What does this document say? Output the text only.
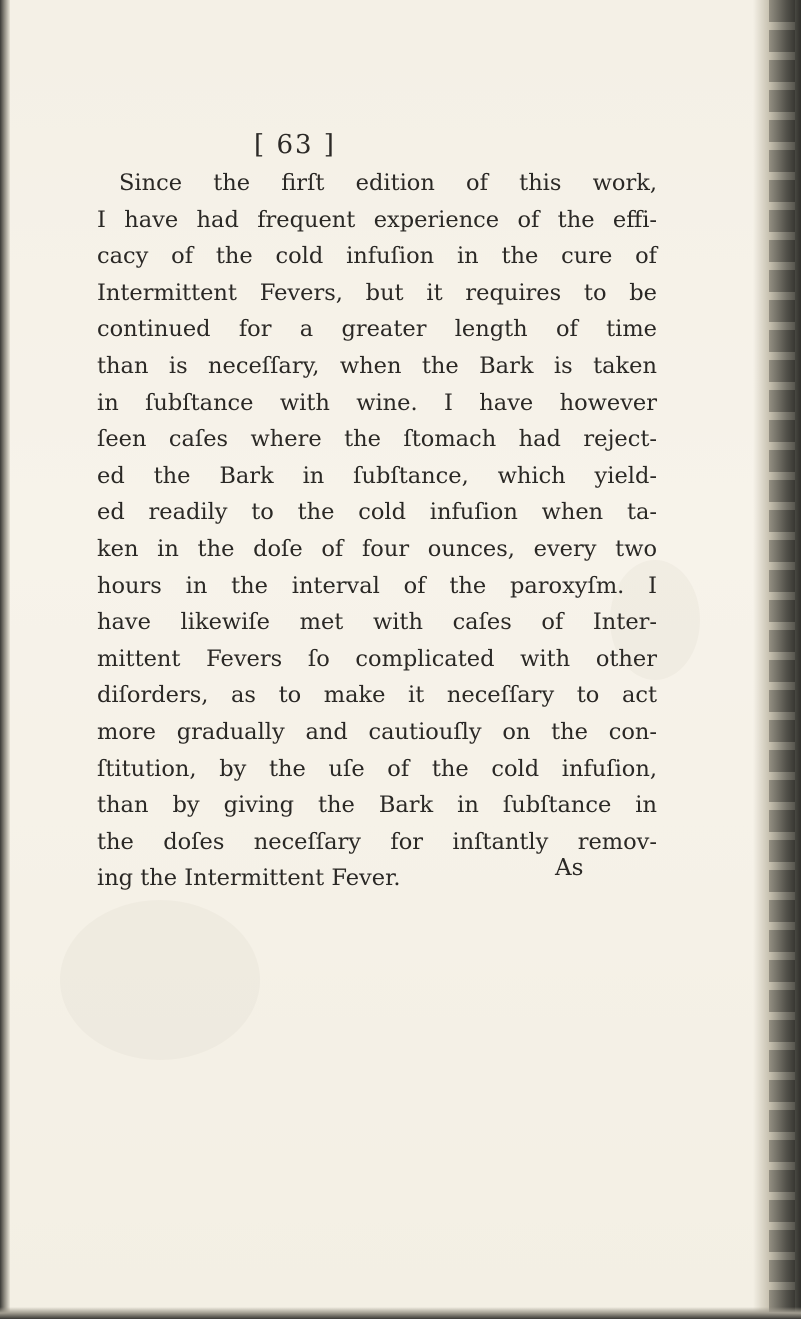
[ 63 ]
Since the firſt edition of this work,
I have had frequent experience of the effi-
cacy of the cold infuſion in the cure of
Intermittent Fevers, but it requires to be
continued for a greater length of time
than is neceſſary, when the Bark is taken
in ſubſtance with wine. I have however
ſeen caſes where the ſtomach had reject-
ed the Bark in ſubſtance, which yield-
ed readily to the cold infuſion when ta-
ken in the doſe of four ounces, every two
hours in the interval of the paroxyſm. I
have likewiſe met with caſes of Inter-
mittent Fevers ſo complicated with other
diſorders, as to make it neceſſary to act
more gradually and cautiouſly on the con-
ſtitution, by the uſe of the cold infuſion,
than by giving the Bark in ſubſtance in
the doſes neceſſary for inſtantly remov-
ing the Intermittent Fever.	As
